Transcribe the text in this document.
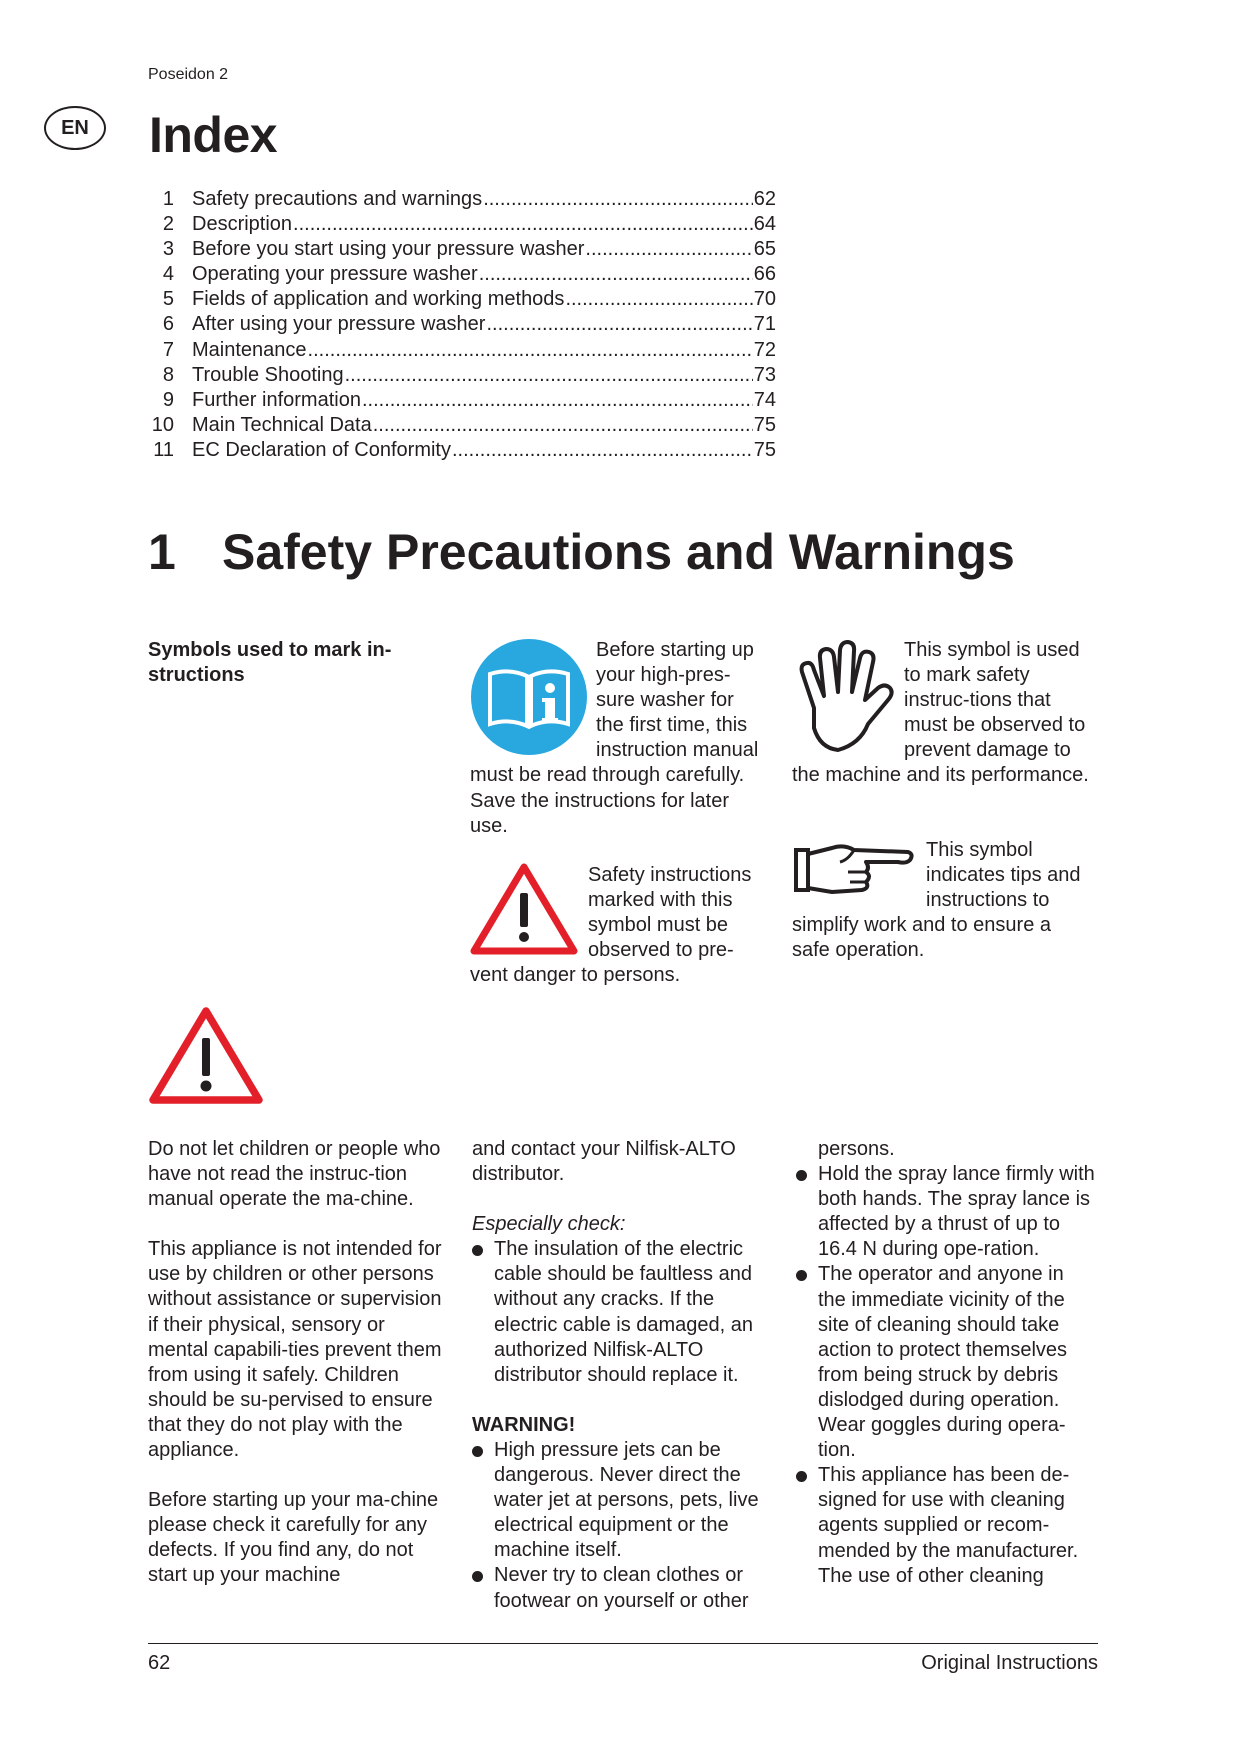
Poseidon 2
EN	Index
1 Safety precautions and warnings .....	62
2 Description .....	64
3 Before you start using your pressure washer .....	65
4 Operating your pressure washer .....	66
5 Fields of application and working methods .....	70
6 After using your pressure washer .....	71
7 Maintenance .....	72
8 Trouble Shooting .....	73
9 Further information .....	74
10 Main Technical Data .....	75
11 EC Declaration of Conformity .....	75
1 Safety Precautions and Warnings
Symbols used to mark in-
structions
Before starting up your high-pres-sure washer for the first time, this instruction manual must be read through carefully. Save the instructions for later use.
Safety instructions marked with this symbol must be observed to pre-vent danger to persons.
This symbol is used to mark safety instruc-tions that must be observed to prevent damage to the machine and its performance.
This symbol indicates tips and instructions to simplify work and to ensure a safe operation.

Do not let children or people who have not read the instruc-tion manual operate the ma-chine.

This appliance is not intended for use by children or other persons without assistance or supervision if their physical, sensory or mental capabili-ties prevent them from using it safely. Children should be su-pervised to ensure that they do not play with the appliance.

Before starting up your ma-chine please check it carefully for any defects. If you find any, do not start up your machine

and contact your Nilfisk-ALTO distributor.

Especially check:

The insulation of the electric cable should be faultless and without any cracks. If the electric cable is damaged, an authorized Nilfisk-ALTO distributor should replace it.

WARNING!

High pressure jets can be dangerous. Never direct the water jet at persons, pets, live electrical equipment or the machine itself.
Never try to clean clothes or footwear on yourself or other

persons.

Hold the spray lance firmly with both hands. The spray lance is affected by a thrust of up to 16.4 N during ope-ration.
The operator and anyone in the immediate vicinity of the site of cleaning should take action to protect themselves from being struck by debris dislodged during operation. Wear goggles during opera-tion.
This appliance has been de-signed for use with cleaning agents supplied or recom-mended by the manufacturer. The use of other cleaning
62	Original Instructions
